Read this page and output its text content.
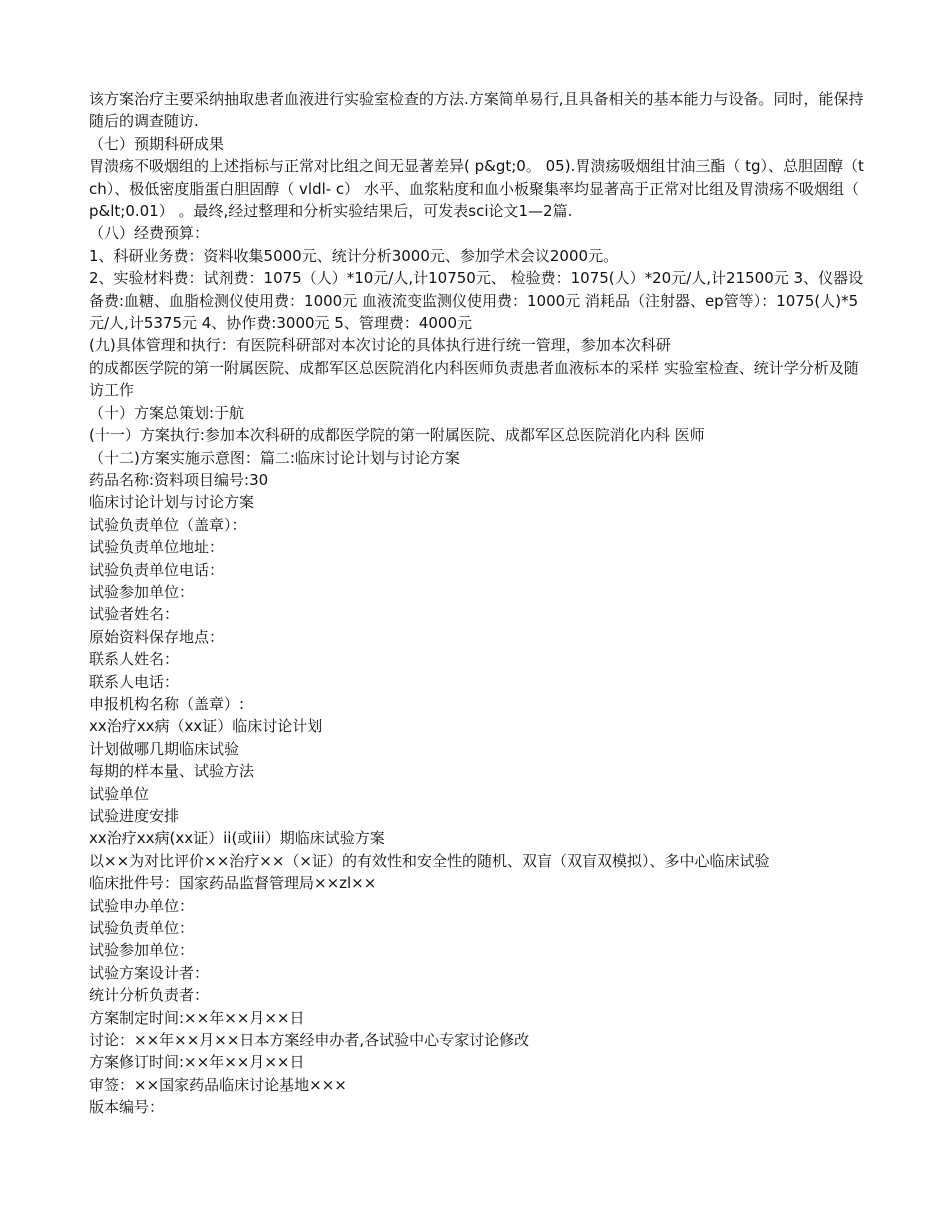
该方案治疗主要采纳抽取患者血液进行实验室检查的方法.方案简单易行,且具备相关的基本能力与设备。同时，能保持随后的调查随访.
（七）预期科研成果
胃溃疡不吸烟组的上述指标与正常对比组之间无显著差异( p&gt;0。 05).胃溃疡吸烟组甘油三酯（ tg）、总胆固醇（tch）、极低密度脂蛋白胆固醇（ vldl- c） 水平、血浆粘度和血小板聚集率均显著高于正常对比组及胃溃疡不吸烟组（ p&lt;0.01） 。最终,经过整理和分析实验结果后，可发表sci论文1—2篇.
（八）经费预算：
1、科研业务费：资料收集5000元、统计分析3000元、参加学术会议2000元。
2、实验材料费：试剂费：1075（人）*10元/人,计10750元、 检验费：1075(人）*20元/人,计21500元 3、仪器设备费:血糖、血脂检测仪使用费：1000元 血液流变监测仪使用费：1000元 消耗品（注射器、ep管等）：1075(人)*5元/人,计5375元 4、协作费:3000元 5、管理费：4000元
(九)具体管理和执行：有医院科研部对本次讨论的具体执行进行统一管理，参加本次科研
的成都医学院的第一附属医院、成都军区总医院消化内科医师负责患者血液标本的采样 实验室检查、统计学分析及随访工作
（十）方案总策划:于航
(十一）方案执行:参加本次科研的成都医学院的第一附属医院、成都军区总医院消化内科 医师
（十二)方案实施示意图：篇二:临床讨论计划与讨论方案
药品名称:资料项目编号:30
临床讨论计划与讨论方案
试验负责单位（盖章）：
试验负责单位地址：
试验负责单位电话：
试验参加单位：
试验者姓名：
原始资料保存地点：
联系人姓名：
联系人电话：
申报机构名称（盖章）:
xx治疗xx病（xx证）临床讨论计划
计划做哪几期临床试验
每期的样本量、试验方法
试验单位
试验进度安排
xx治疗xx病(xx证）ii(或iii）期临床试验方案
以××为对比评价××治疗××（×证）的有效性和安全性的随机、双盲（双盲双模拟）、多中心临床试验
临床批件号：国家药品监督管理局××zl××
试验申办单位：
试验负责单位：
试验参加单位：
试验方案设计者：
统计分析负责者：
方案制定时间:××年××月××日
讨论：××年××月××日本方案经申办者,各试验中心专家讨论修改
方案修订时间:××年××月××日
审签：××国家药品临床讨论基地×××
版本编号：
